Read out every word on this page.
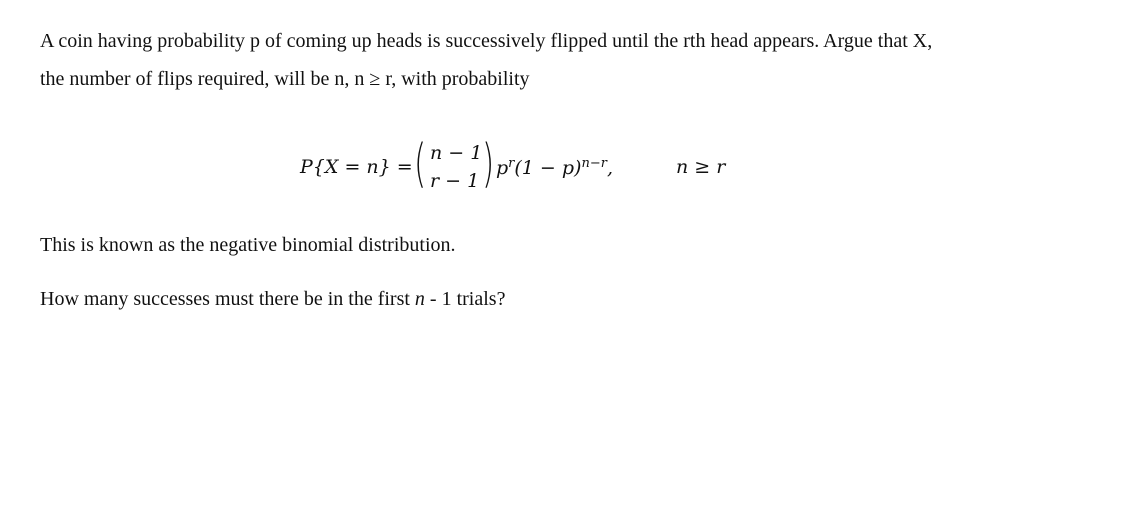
A coin having probability p of coming up heads is successively flipped until the rth head appears. Argue that X,
the number of flips required, will be n, n ≥ r, with probability
P{X = n} = ( n − 1
r − 1 ) $p^r(1 - p)^{n-r}$,	n ≥ r
This is known as the negative binomial distribution.
How many successes must there be in the first n - 1 trials?
